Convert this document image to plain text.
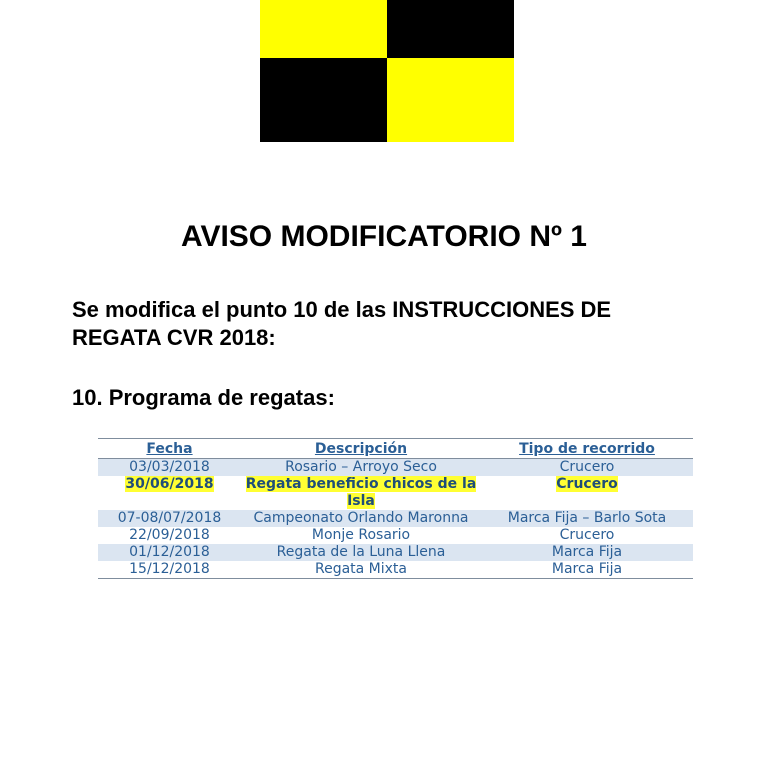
AVISO MODIFICATORIO Nº 1

Se modifica el punto 10 de las INSTRUCCIONES DE REGATA CVR 2018:

10. Programa de regatas:

Fecha	Descripción	Tipo de recorrido
03/03/2018	Rosario – Arroyo Seco	Crucero
30/06/2018	Regata beneficio chicos de la Isla	Crucero
07-08/07/2018	Campeonato Orlando Maronna	Marca Fija – Barlo Sota
22/09/2018	Monje Rosario	Crucero
01/12/2018	Regata de la Luna Llena	Marca Fija
15/12/2018	Regata Mixta	Marca Fija
